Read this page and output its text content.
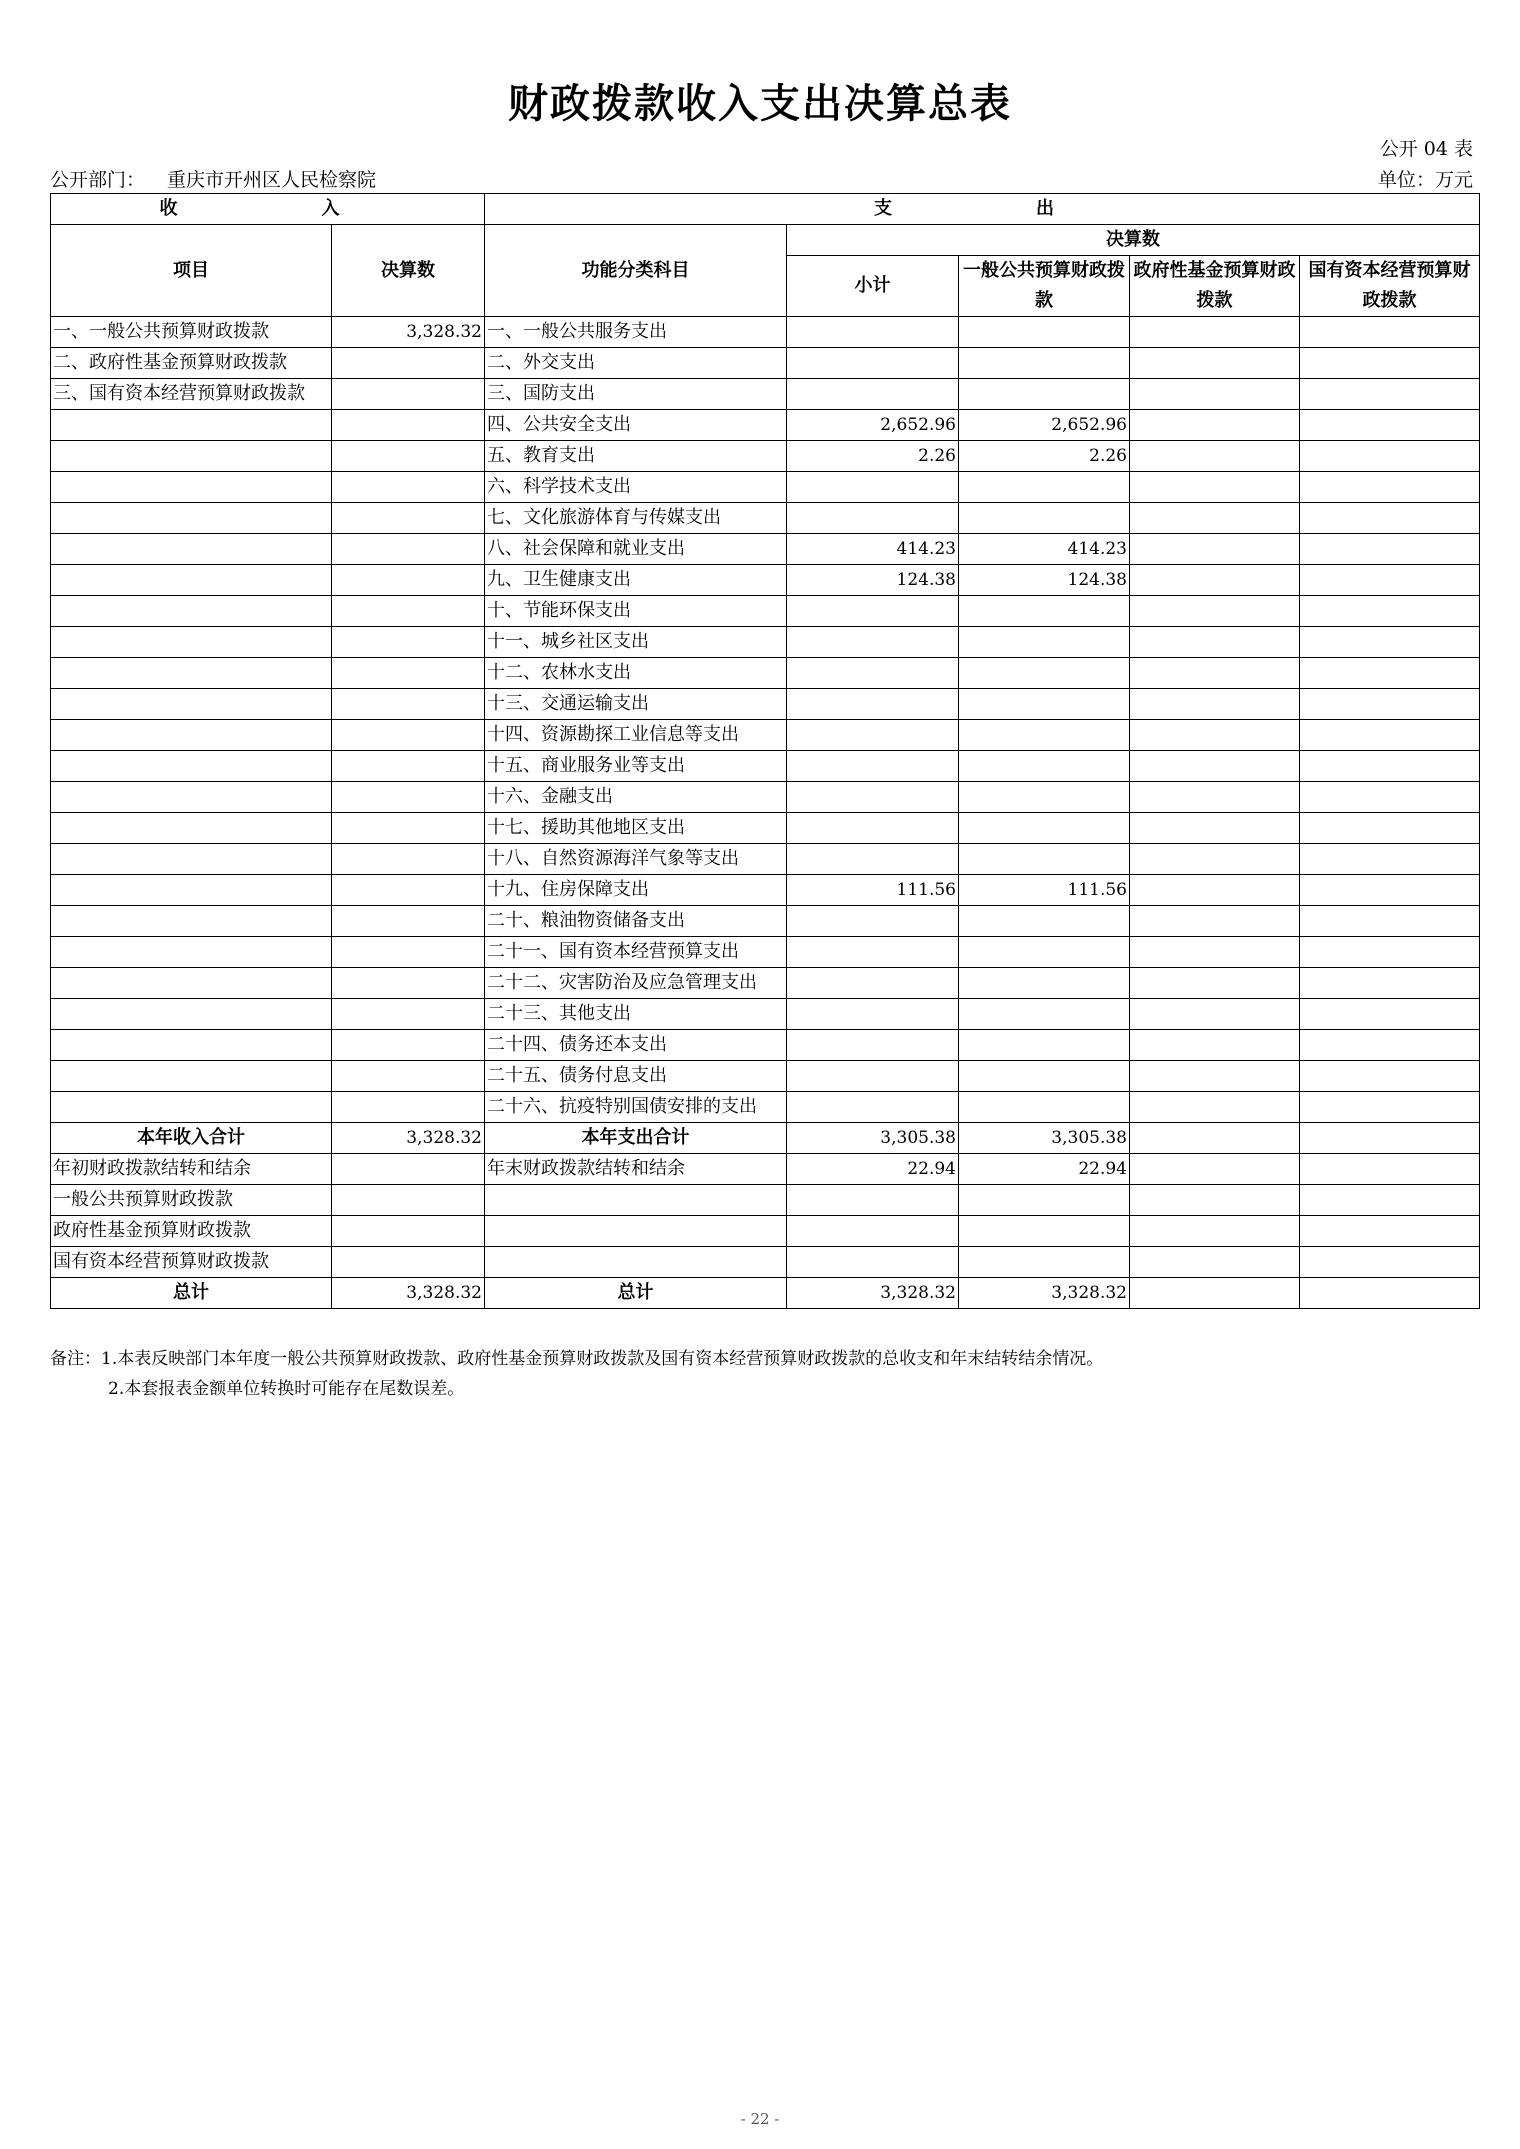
财政拨款收入支出决算总表
公开 04 表
公开部门： 重庆市开州区人民检察院	单位：万元
收　　入		支　　出				
项目	决算数	功能分类科目	决算数			
			小计	一般公共预算财政拨款	政府性基金预算财政拨款	国有资本经营预算财政拨款
一、一般公共预算财政拨款	3,328.32	一、一般公共服务支出				
二、政府性基金预算财政拨款		二、外交支出				
三、国有资本经营预算财政拨款		三、国防支出				
		四、公共安全支出	2,652.96	2,652.96		
		五、教育支出	2.26	2.26		
		六、科学技术支出				
		七、文化旅游体育与传媒支出				
		八、社会保障和就业支出	414.23	414.23		
		九、卫生健康支出	124.38	124.38		
		十、节能环保支出				
		十一、城乡社区支出				
		十二、农林水支出				
		十三、交通运输支出				
		十四、资源勘探工业信息等支出				
		十五、商业服务业等支出				
		十六、金融支出				
		十七、援助其他地区支出				
		十八、自然资源海洋气象等支出				
		十九、住房保障支出	111.56	111.56		
		二十、粮油物资储备支出				
		二十一、国有资本经营预算支出				
		二十二、灾害防治及应急管理支出				
		二十三、其他支出				
		二十四、债务还本支出				
		二十五、债务付息支出				
		二十六、抗疫特别国债安排的支出				
本年收入合计	3,328.32	本年支出合计	3,305.38	3,305.38		
年初财政拨款结转和结余		年末财政拨款结转和结余	22.94	22.94		
一般公共预算财政拨款						
政府性基金预算财政拨款						
国有资本经营预算财政拨款						
总计	3,328.32	总计	3,328.32	3,328.32		
备注：1.本表反映部门本年度一般公共预算财政拨款、政府性基金预算财政拨款及国有资本经营预算财政拨款的总收支和年末结转结余情况。
2.本套报表金额单位转换时可能存在尾数误差。
- 22 -
